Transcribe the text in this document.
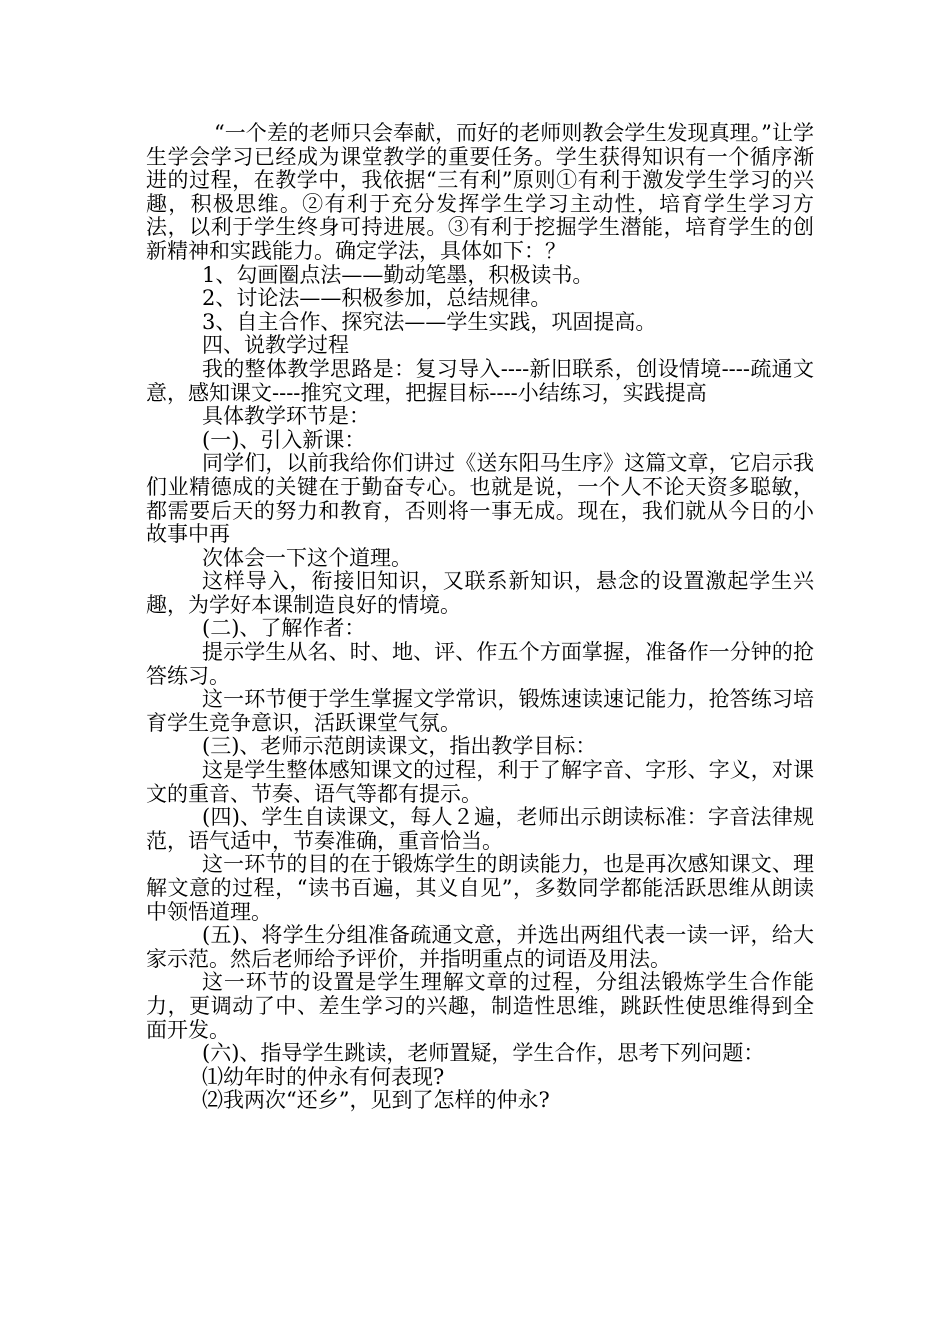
“一个差的老师只会奉献，而好的老师则教会学生发现真理。”让学生学会学习已经成为课堂教学的重要任务。学生获得知识有一个循序渐进的过程，在教学中，我依据“三有利”原则①有利于激发学生学习的兴趣，积极思维。②有利于充分发挥学生学习主动性，培育学生学习方法，以利于学生终身可持进展。③有利于挖掘学生潜能，培育学生的创新精神和实践能力。确定学法，具体如下：？

1、勾画圈点法——勤动笔墨，积极读书。

2、讨论法——积极参加，总结规律。

3、自主合作、探究法——学生实践，巩固提高。

四、说教学过程

我的整体教学思路是：复习导入----新旧联系，创设情境----疏通文意，感知课文----推究文理，把握目标----小结练习，实践提高

具体教学环节是：

(一)、引入新课：

同学们，以前我给你们讲过《送东阳马生序》这篇文章，它启示我们业精德成的关键在于勤奋专心。也就是说，一个人不论天资多聪敏，都需要后天的努力和教育，否则将一事无成。现在，我们就从今日的小故事中再

次体会一下这个道理。

这样导入，衔接旧知识，又联系新知识，悬念的设置激起学生兴趣，为学好本课制造良好的情境。

(二)、了解作者：

提示学生从名、时、地、评、作五个方面掌握，准备作一分钟的抢答练习。

这一环节便于学生掌握文学常识，锻炼速读速记能力，抢答练习培育学生竞争意识，活跃课堂气氛。

(三)、老师示范朗读课文，指出教学目标：

这是学生整体感知课文的过程，利于了解字音、字形、字义，对课文的重音、节奏、语气等都有提示。

(四)、学生自读课文，每人２遍，老师出示朗读标准：字音法律规范，语气适中，节奏准确，重音恰当。

这一环节的目的在于锻炼学生的朗读能力，也是再次感知课文、理解文意的过程，“读书百遍，其义自见”，多数同学都能活跃思维从朗读中领悟道理。

(五)、将学生分组准备疏通文意，并选出两组代表一读一评，给大家示范。然后老师给予评价，并指明重点的词语及用法。

这一环节的设置是学生理解文章的过程，分组法锻炼学生合作能力，更调动了中、差生学习的兴趣，制造性思维，跳跃性使思维得到全面开发。

(六)、指导学生跳读，老师置疑，学生合作，思考下列问题：

⑴幼年时的仲永有何表现?

⑵我两次“还乡”，见到了怎样的仲永?
